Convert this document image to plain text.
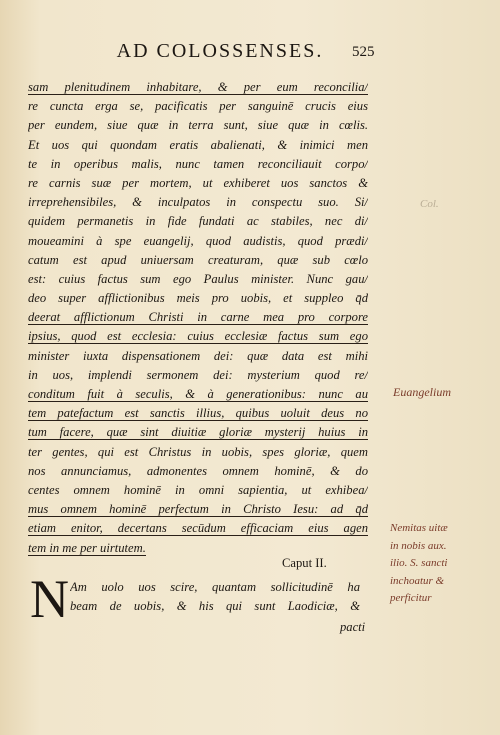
AD COLOSSENSES.	525
sam plenitudinem inhabitare, & per eum reconcilia/
re cuncta erga se, pacificatis per sanguinē crucis eius
per eundem, siue quæ in terra sunt, siue quæ in cœlis.
Et uos qui quondam eratis abalienati, & inimici men
te in operibus malis, nunc tamen reconciliauit corpo/
re carnis suæ per mortem, ut exhiberet uos sanctos &
irreprehensibiles, & inculpatos in conspectu suo. Si/
quidem permanetis in fide fundati ac stabiles, nec di/
moueamini à spe euangelij, quod audistis, quod prædi/
catum est apud uniuersam creaturam, quæ sub cœlo
est: cuius factus sum ego Paulus minister. Nunc gau/
deo super afflictionibus meis pro uobis, et suppleo q̄d
deerat afflictionum Christi in carne mea pro corpore
ipsius, quod est ecclesia: cuius ecclesiæ factus sum ego
minister iuxta dispensationem dei: quæ data est mihi
in uos, implendi sermonem dei: mysterium quod re/
conditum fuit à seculis, & à generationibus: nunc au
tem patefactum est sanctis illius, quibus uoluit deus no
tum facere, quæ sint diuitiæ gloriæ mysterij huius in
ter gentes, qui est Christus in uobis, spes gloriæ, quem
nos annunciamus, admonentes omnem hominē, & do
centes omnem hominē in omni sapientia, ut exhibea/
mus omnem hominē perfectum in Christo Iesu: ad q̄d
etiam enitor, decertans secūdum efficaciam eius agen
tem in me per uirtutem.
Caput II.
N Am uolo uos scire, quantam sollicitudinē ha
beam de uobis, & his qui sunt Laodiciæ, &
pacti
Col.
Euangelium
Nemitas uitæ
in nobis aux.
ilio. S. sancti
inchoatur &
perficitur
